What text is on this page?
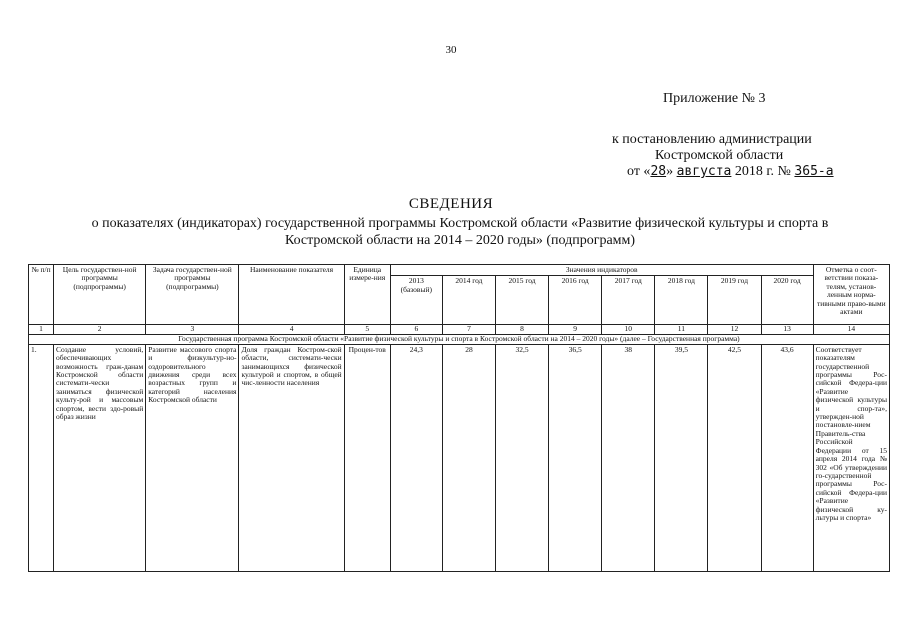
30
Приложение № 3
к постановлению администрации
Костромской области
от «28» августа 2018 г. № 365-а
СВЕДЕНИЯ
о показателях (индикаторах) государственной программы Костромской области «Развитие физической культуры и спорта в Костромской области на 2014 – 2020 годы» (подпрограмм)
№ п/п	Цель государствен-ной программы (подпрограммы)	Задача государствен-ной программы (подпрограммы)	Наименование показателя	Единица измере-ния	Значения индикаторов								Отметка о соот-ветствии показа-телям, установ-ленным норма-тивными право-выми актами
					2013 (базовый)	2014 год	2015 год	2016 год	2017 год	2018 год	2019 год	2020 год	
1	2	3	4	5	6	7	8	9	10	11	12	13	14
Государственная программа Костромской области «Развитие физической культуры и спорта в Костромской области на 2014 – 2020 годы» (далее – Государственная программа)													
1.	Создание условий, обеспечивающих возможность граж-данам Костромской области системати-чески заниматься физической культу-рой и массовым спортом, вести здо-ровый образ жизни	Развитие массового спорта и физкультур-но-оздоровительного движения среди всех возрастных групп и категорий населения Костромской области	Доля граждан Костром-ской области, системати-чески занимающихся физической культурой и спортом, в общей чис-ленности населения	Процен-тов	24,3	28	32,5	36,5	38	39,5	42,5	43,6	Соответствует показателям государственной программы Рос-сийской Федера-ции «Развитие физической культуры и спор-та», утвержден-ной постановле-нием Правитель-ства Российской Федерации от 15 апреля 2014 года № 302 «Об утверждении го-сударственной программы Рос-сийской Федера-ции «Развитие физической ку-льтуры и спорта»
